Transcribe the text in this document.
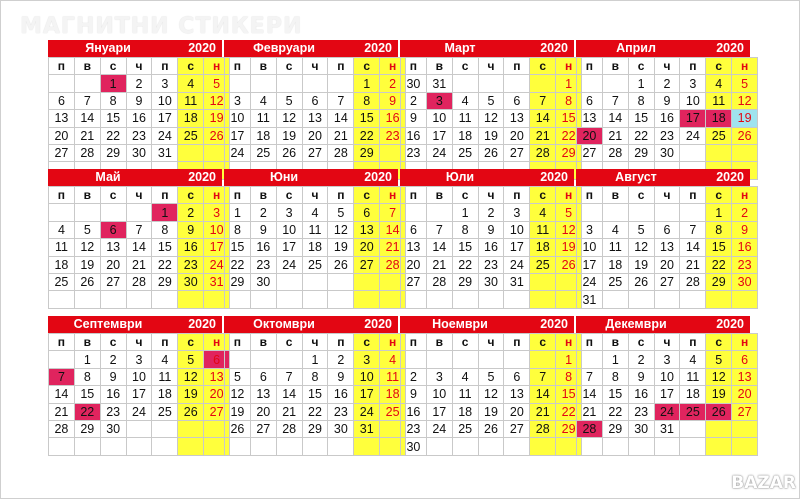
МАГНИТНИ СТИКЕРИ
Януари	2020
п	в	с	ч	п	с	н
		1	2	3	4	5
6	7	8	9	10	11	12
13	14	15	16	17	18	19
20	21	22	23	24	25	26
27	28	29	30	31		

Февруари	2020
п	в	с	ч	п	с	н
					1	2
3	4	5	6	7	8	9
10	11	12	13	14	15	16
17	18	19	20	21	22	23
24	25	26	27	28	29	

Март	2020
п	в	с	ч	п	с	н
30	31					1
2	3	4	5	6	7	8
9	10	11	12	13	14	15
16	17	18	19	20	21	22
23	24	25	26	27	28	29

Април	2020
п	в	с	ч	п	с	н
		1	2	3	4	5
6	7	8	9	10	11	12
13	14	15	16	17	18	19
20	21	22	23	24	25	26
27	28	29	30			

Май	2020
п	в	с	ч	п	с	н
				1	2	3
4	5	6	7	8	9	10
11	12	13	14	15	16	17
18	19	20	21	22	23	24
25	26	27	28	29	30	31

Юни	2020
п	в	с	ч	п	с	н
1	2	3	4	5	6	7
8	9	10	11	12	13	14
15	16	17	18	19	20	21
22	23	24	25	26	27	28
29	30					

Юли	2020
п	в	с	ч	п	с	н
		1	2	3	4	5
6	7	8	9	10	11	12
13	14	15	16	17	18	19
20	21	22	23	24	25	26
27	28	29	30	31		

Август	2020
п	в	с	ч	п	с	н
					1	2
3	4	5	6	7	8	9
10	11	12	13	14	15	16
17	18	19	20	21	22	23
24	25	26	27	28	29	30
31						
Септември	2020
п	в	с	ч	п	с	н
	1	2	3	4	5	6
7	8	9	10	11	12	13
14	15	16	17	18	19	20
21	22	23	24	25	26	27
28	29	30				

Октомври	2020
п	в	с	ч	п	с	н
			1	2	3	4
5	6	7	8	9	10	11
12	13	14	15	16	17	18
19	20	21	22	23	24	25
26	27	28	29	30	31	

Ноември	2020
п	в	с	ч	п	с	н
						1
2	3	4	5	6	7	8
9	10	11	12	13	14	15
16	17	18	19	20	21	22
23	24	25	26	27	28	29
30						
Декември	2020
п	в	с	ч	п	с	н
	1	2	3	4	5	6
7	8	9	10	11	12	13
14	15	16	17	18	19	20
21	22	23	24	25	26	27
28	29	30	31			

BAZAR
